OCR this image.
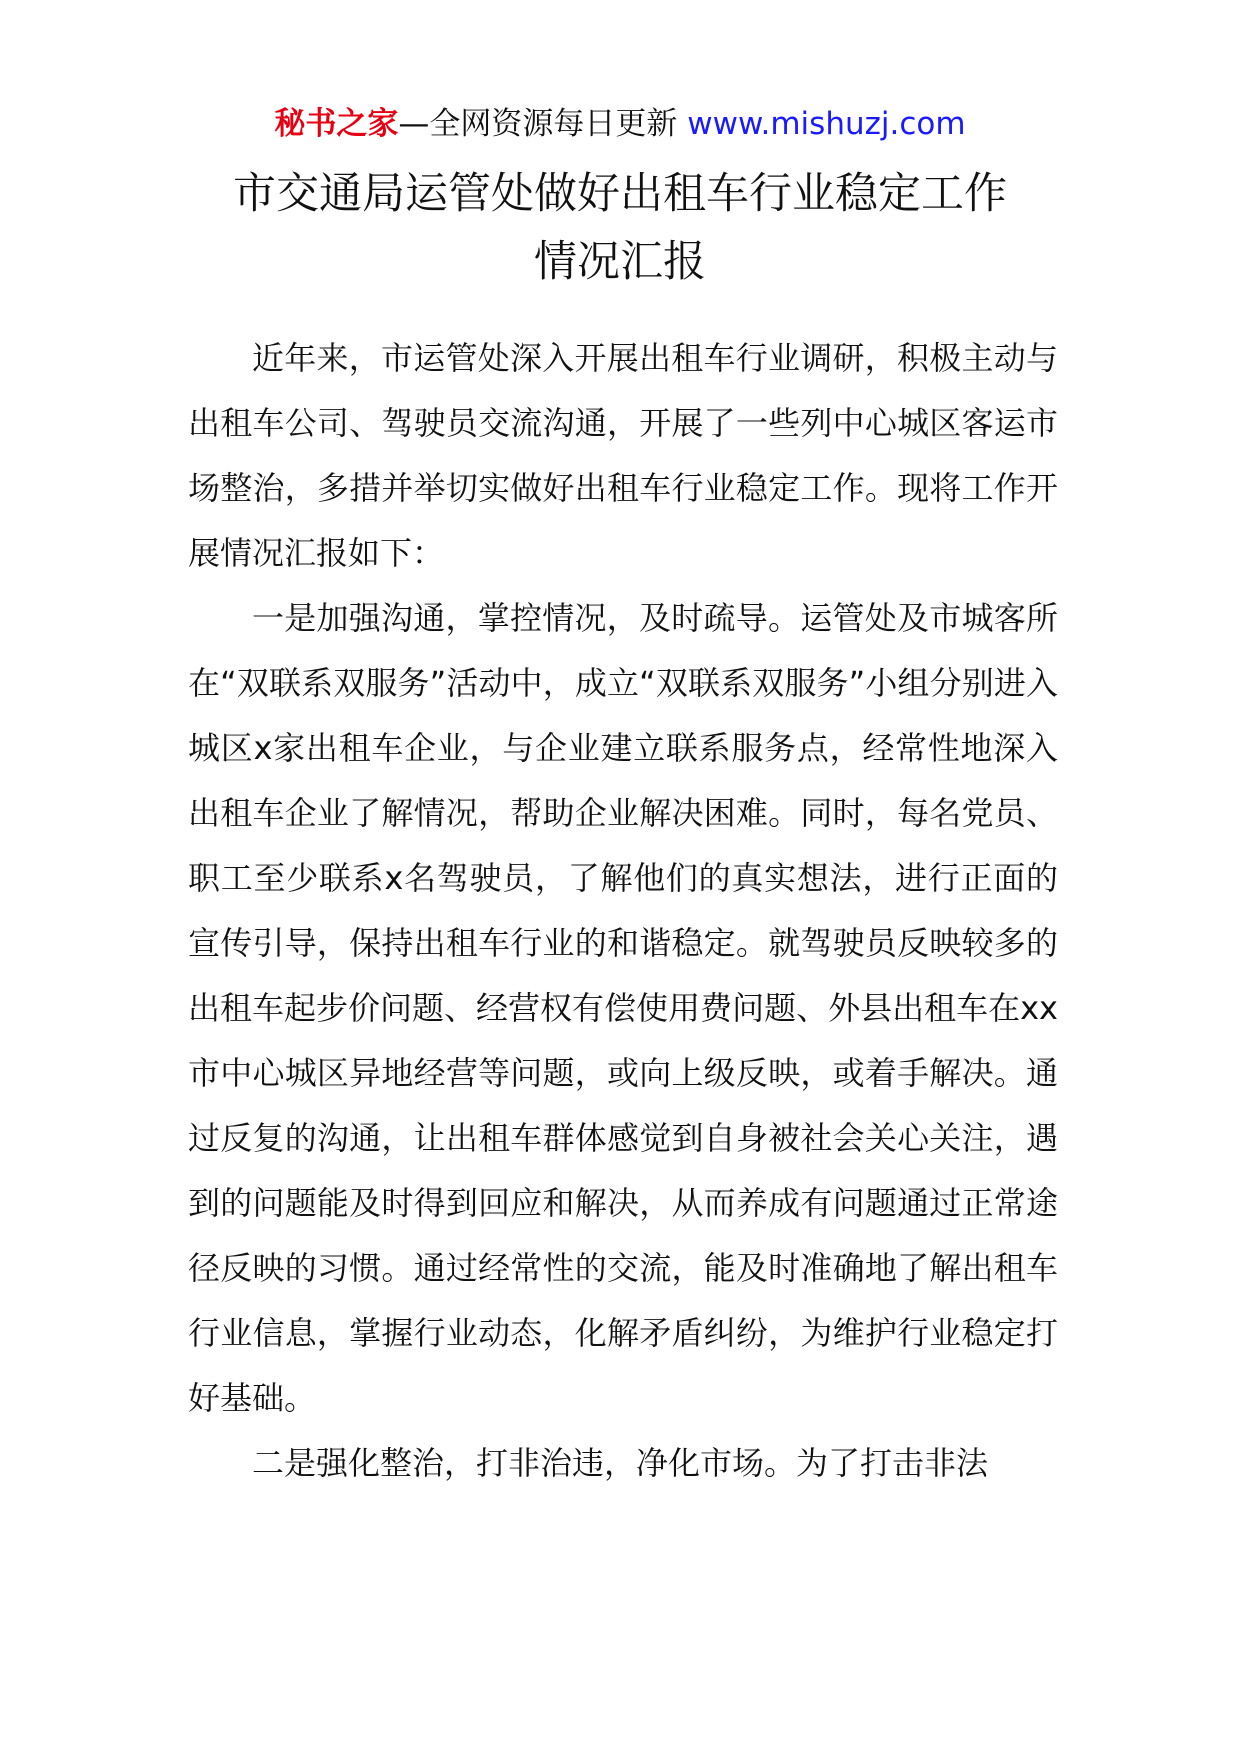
秘书之家—全网资源每日更新 www.mishuzj.com
市交通局运管处做好出租车行业稳定工作
情况汇报

近年来，市运管处深入开展出租车行业调研，积极主动与出租车公司、驾驶员交流沟通，开展了一些列中心城区客运市场整治，多措并举切实做好出租车行业稳定工作。现将工作开展情况汇报如下：

一是加强沟通，掌控情况，及时疏导。运管处及市城客所在“双联系双服务”活动中，成立“双联系双服务”小组分别进入城区x家出租车企业，与企业建立联系服务点，经常性地深入出租车企业了解情况，帮助企业解决困难。同时，每名党员、职工至少联系x名驾驶员，了解他们的真实想法，进行正面的宣传引导，保持出租车行业的和谐稳定。就驾驶员反映较多的出租车起步价问题、经营权有偿使用费问题、外县出租车在xx市中心城区异地经营等问题，或向上级反映，或着手解决。通过反复的沟通，让出租车群体感觉到自身被社会关心关注，遇到的问题能及时得到回应和解决，从而养成有问题通过正常途径反映的习惯。通过经常性的交流，能及时准确地了解出租车行业信息，掌握行业动态，化解矛盾纠纷，为维护行业稳定打好基础。

二是强化整治，打非治违，净化市场。为了打击非法
